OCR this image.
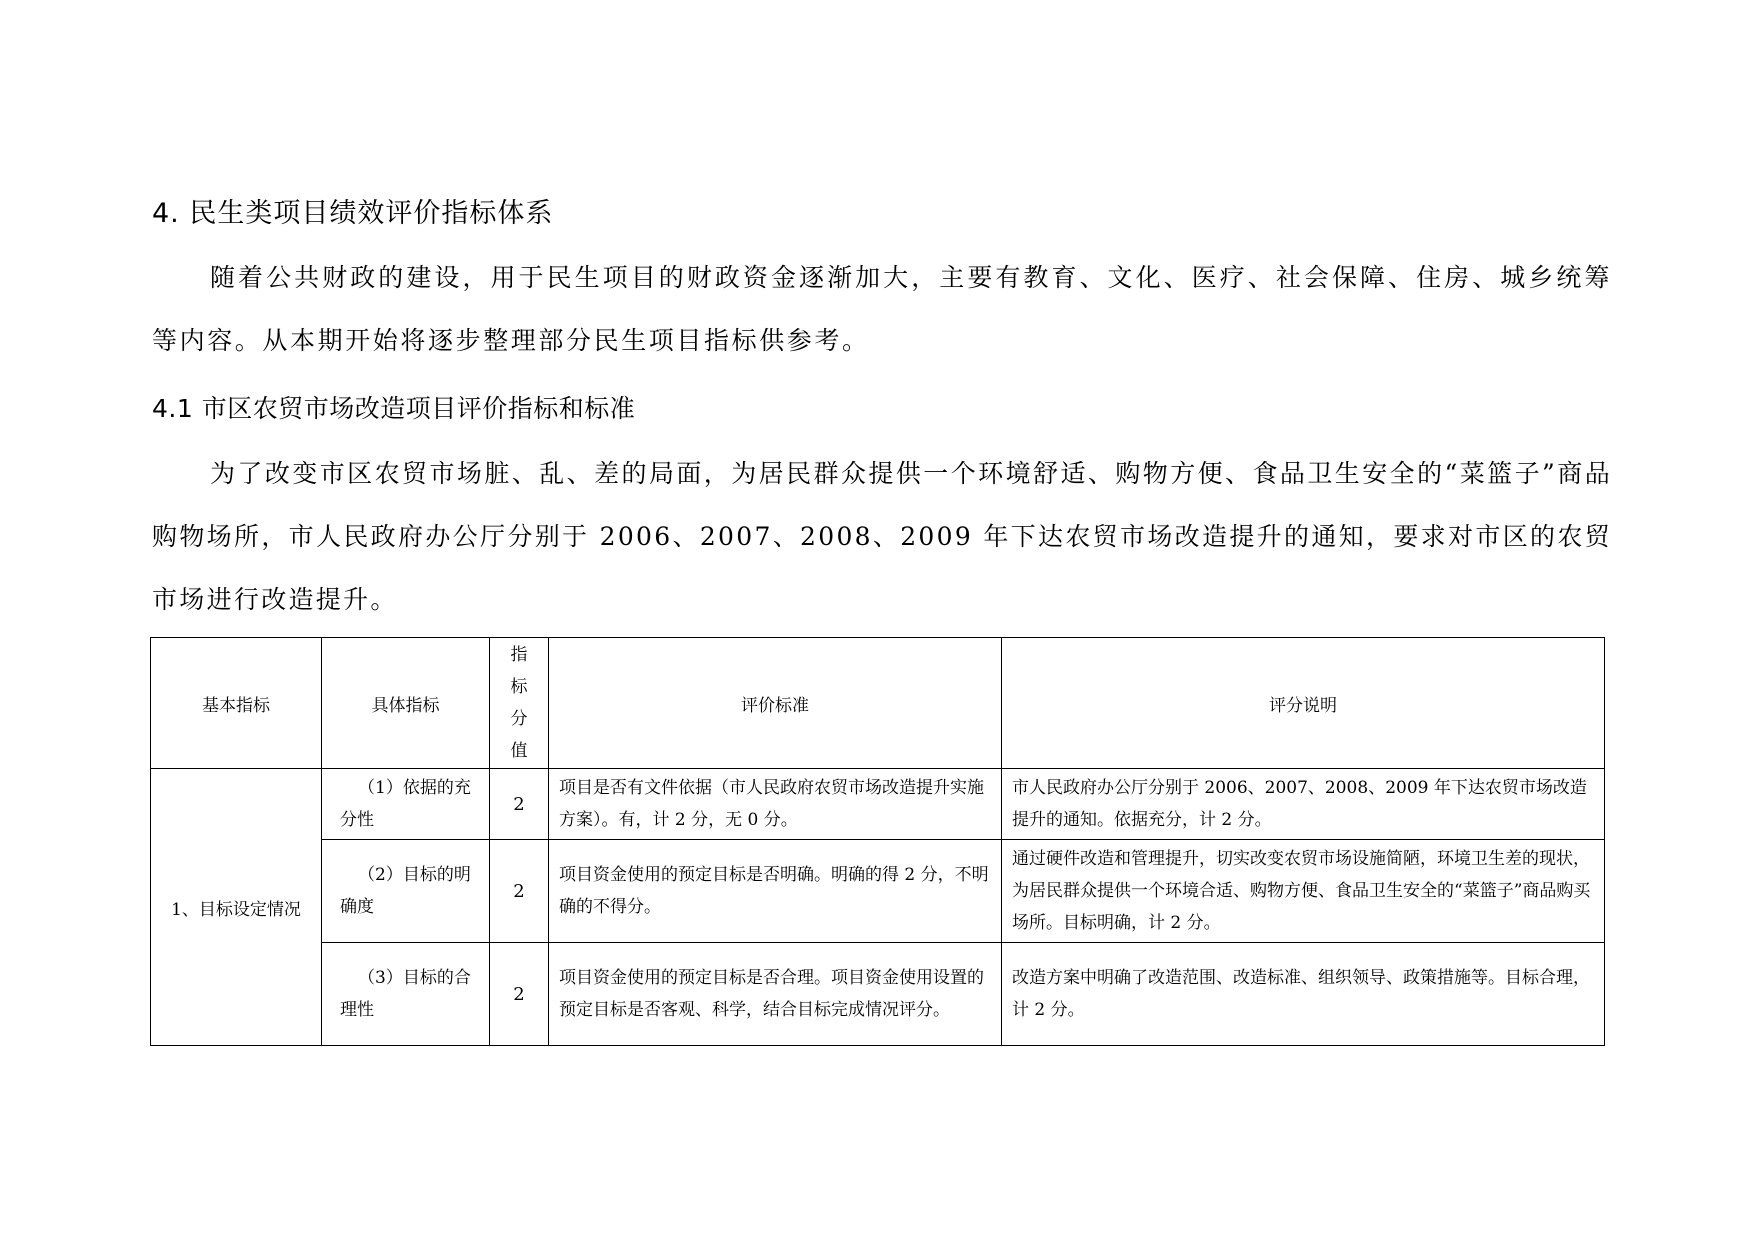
4. 民生类项目绩效评价指标体系
随着公共财政的建设，用于民生项目的财政资金逐渐加大，主要有教育、文化、医疗、社会保障、住房、城乡统筹等内容。从本期开始将逐步整理部分民生项目指标供参考。
4.1 市区农贸市场改造项目评价指标和标准
为了改变市区农贸市场脏、乱、差的局面，为居民群众提供一个环境舒适、购物方便、食品卫生安全的“菜篮子”商品购物场所，市人民政府办公厅分别于 2006、2007、2008、2009 年下达农贸市场改造提升的通知，要求对市区的农贸市场进行改造提升。
基本指标	具体指标	指标分值	评价标准	评分说明
1、目标设定情况	（1）依据的充分性	2	项目是否有文件依据（市人民政府农贸市场改造提升实施方案）。有，计 2 分，无 0 分。	市人民政府办公厅分别于 2006、2007、2008、2009 年下达农贸市场改造提升的通知。依据充分，计 2 分。
	（2）目标的明确度	2	项目资金使用的预定目标是否明确。明确的得 2 分，不明确的不得分。	通过硬件改造和管理提升，切实改变农贸市场设施简陋，环境卫生差的现状，为居民群众提供一个环境合适、购物方便、食品卫生安全的“菜篮子”商品购买场所。目标明确，计 2 分。
	（3）目标的合理性	2	项目资金使用的预定目标是否合理。项目资金使用设置的预定目标是否客观、科学，结合目标完成情况评分。	改造方案中明确了改造范围、改造标准、组织领导、政策措施等。目标合理，计 2 分。
